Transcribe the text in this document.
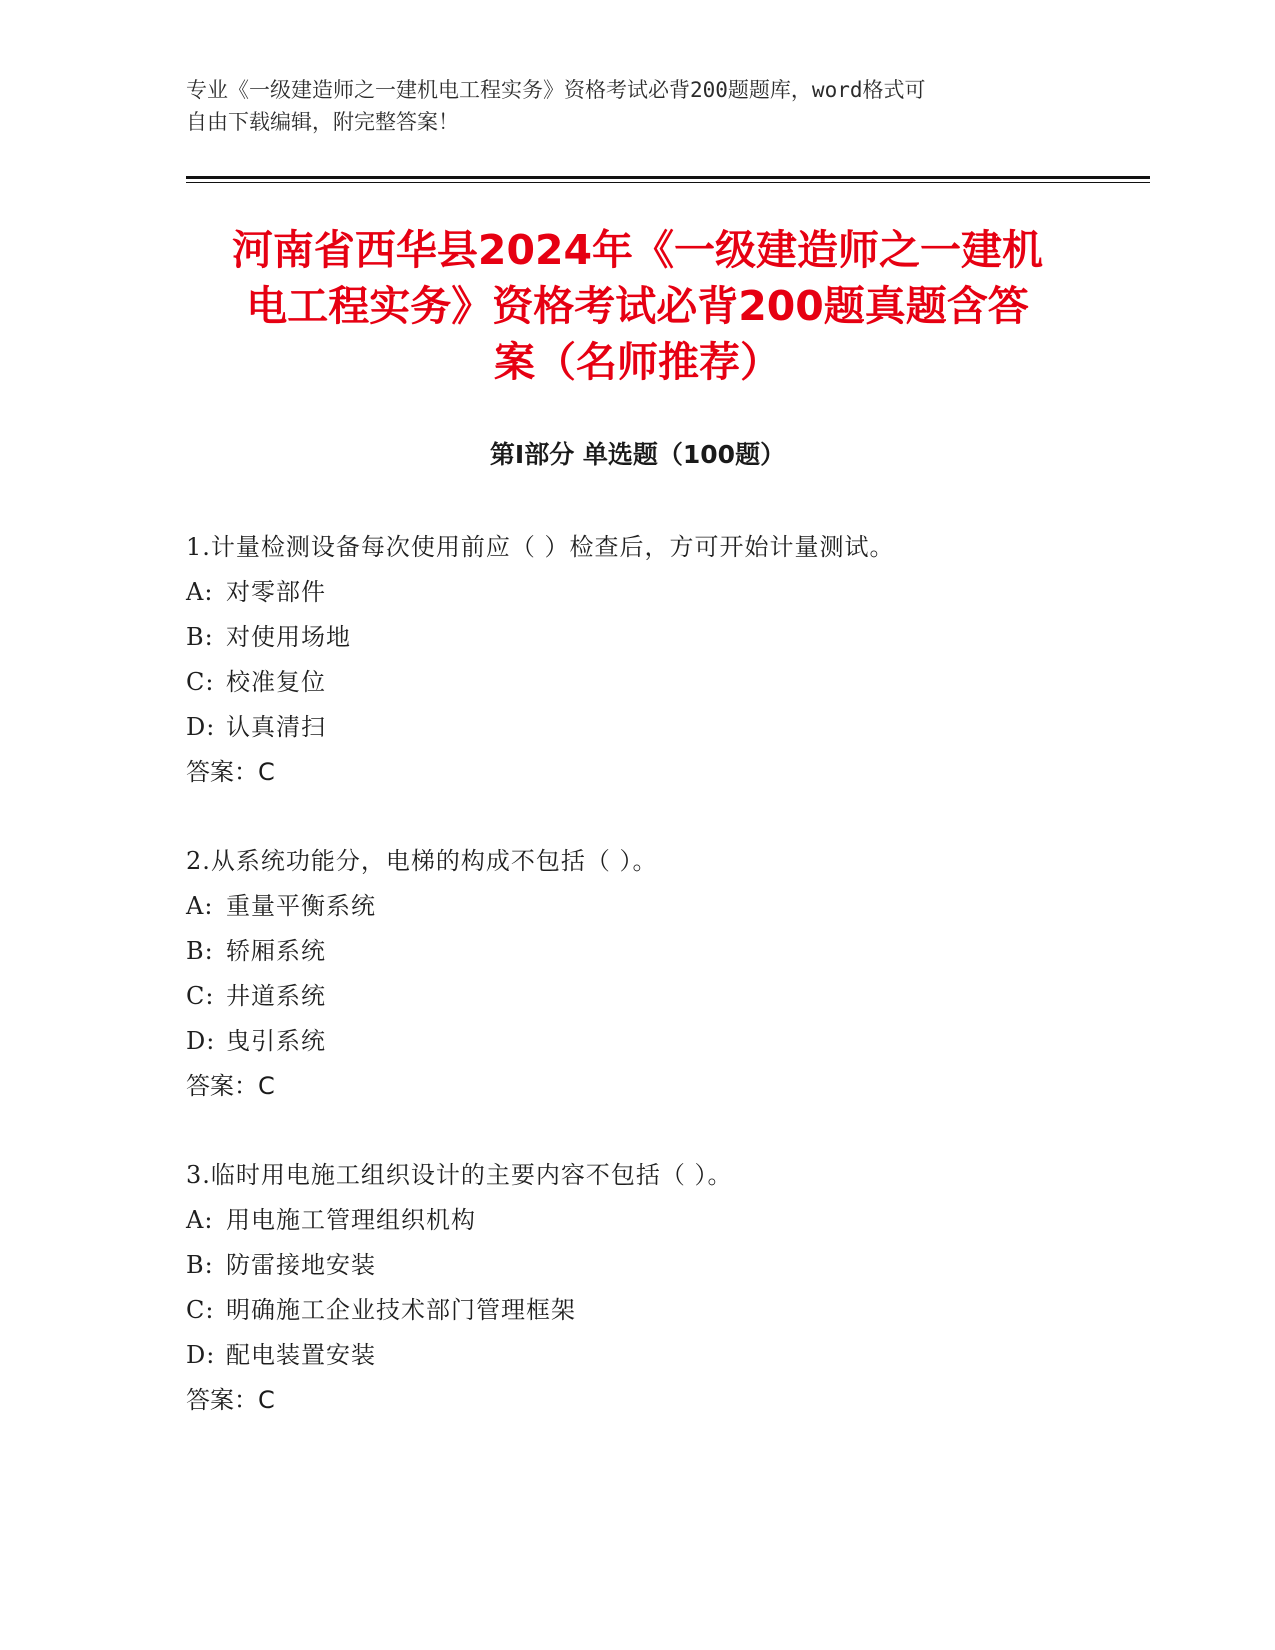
专业《一级建造师之一建机电工程实务》资格考试必背200题题库，word格式可
自由下载编辑，附完整答案！
河南省西华县2024年《一级建造师之一建机
电工程实务》资格考试必背200题真题含答
案（名师推荐）
第Ⅰ部分 单选题（100题）
1.计量检测设备每次使用前应（ ）检查后，方可开始计量测试。
A: 对零部件
B: 对使用场地
C: 校准复位
D: 认真清扫
答案：C
2.从系统功能分，电梯的构成不包括（ ）。
A: 重量平衡系统
B: 轿厢系统
C: 井道系统
D: 曳引系统
答案：C
3.临时用电施工组织设计的主要内容不包括（ ）。
A: 用电施工管理组织机构
B: 防雷接地安装
C: 明确施工企业技术部门管理框架
D: 配电装置安装
答案：C
